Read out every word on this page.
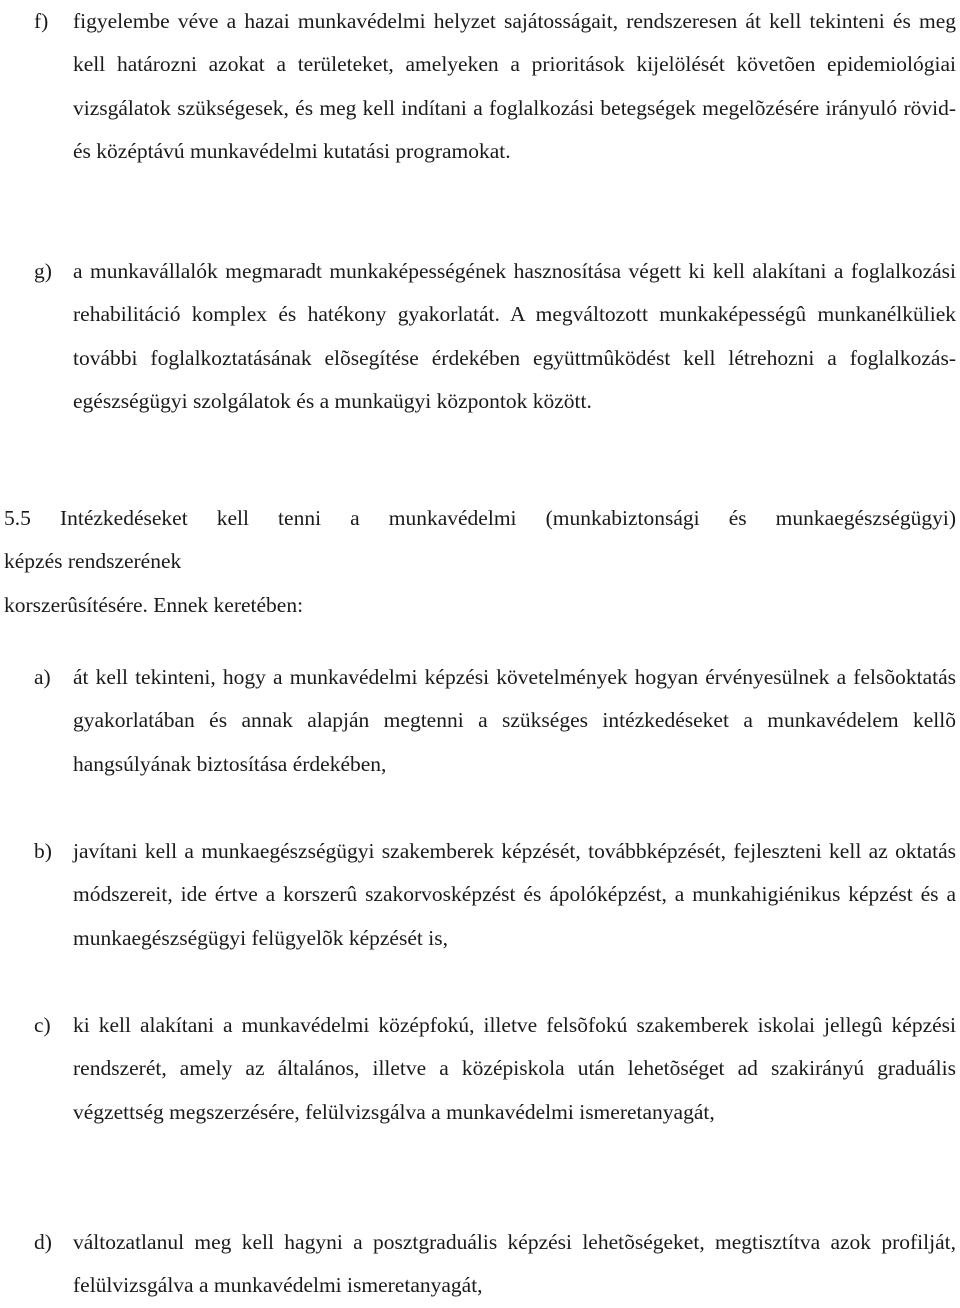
f) figyelembe véve a hazai munkavédelmi helyzet sajátosságait, rendszeresen át kell tekinteni és meg kell határozni azokat a területeket, amelyeken a prioritások kijelölését követõen epidemiológiai vizsgálatok szükségesek, és meg kell indítani a foglalkozási betegségek megelõzésére irányuló rövid- és középtávú munkavédelmi kutatási programokat.
g) a munkavállalók megmaradt munkaképességének hasznosítása végett ki kell alakítani a foglalkozási rehabilitáció komplex és hatékony gyakorlatát. A megváltozott munkaképességû munkanélküliek további foglalkoztatásának elõsegítése érdekében együttmûködést kell létrehozni a foglalkozás-egészségügyi szolgálatok és a munkaügyi központok között.
5.5 Intézkedéseket kell tenni a munkavédelmi (munkabiztonsági és munkaegészségügyi)
képzés rendszerének
korszerûsítésére. Ennek keretében:
a) át kell tekinteni, hogy a munkavédelmi képzési követelmények hogyan érvényesülnek a felsõoktatás gyakorlatában és annak alapján megtenni a szükséges intézkedéseket a munkavédelem kellõ hangsúlyának biztosítása érdekében,
b) javítani kell a munkaegészségügyi szakemberek képzését, továbbképzését, fejleszteni kell az oktatás módszereit, ide értve a korszerû szakorvosképzést és ápolóképzést, a munkahigiénikus képzést és a munkaegészségügyi felügyelõk képzését is,
c) ki kell alakítani a munkavédelmi középfokú, illetve felsõfokú szakemberek iskolai jellegû képzési rendszerét, amely az általános, illetve a középiskola után lehetõséget ad szakirányú graduális végzettség megszerzésére, felülvizsgálva a munkavédelmi ismeretanyagát,
d) változatlanul meg kell hagyni a posztgraduális képzési lehetõségeket, megtisztítva azok profilját, felülvizsgálva a munkavédelmi ismeretanyagát,
